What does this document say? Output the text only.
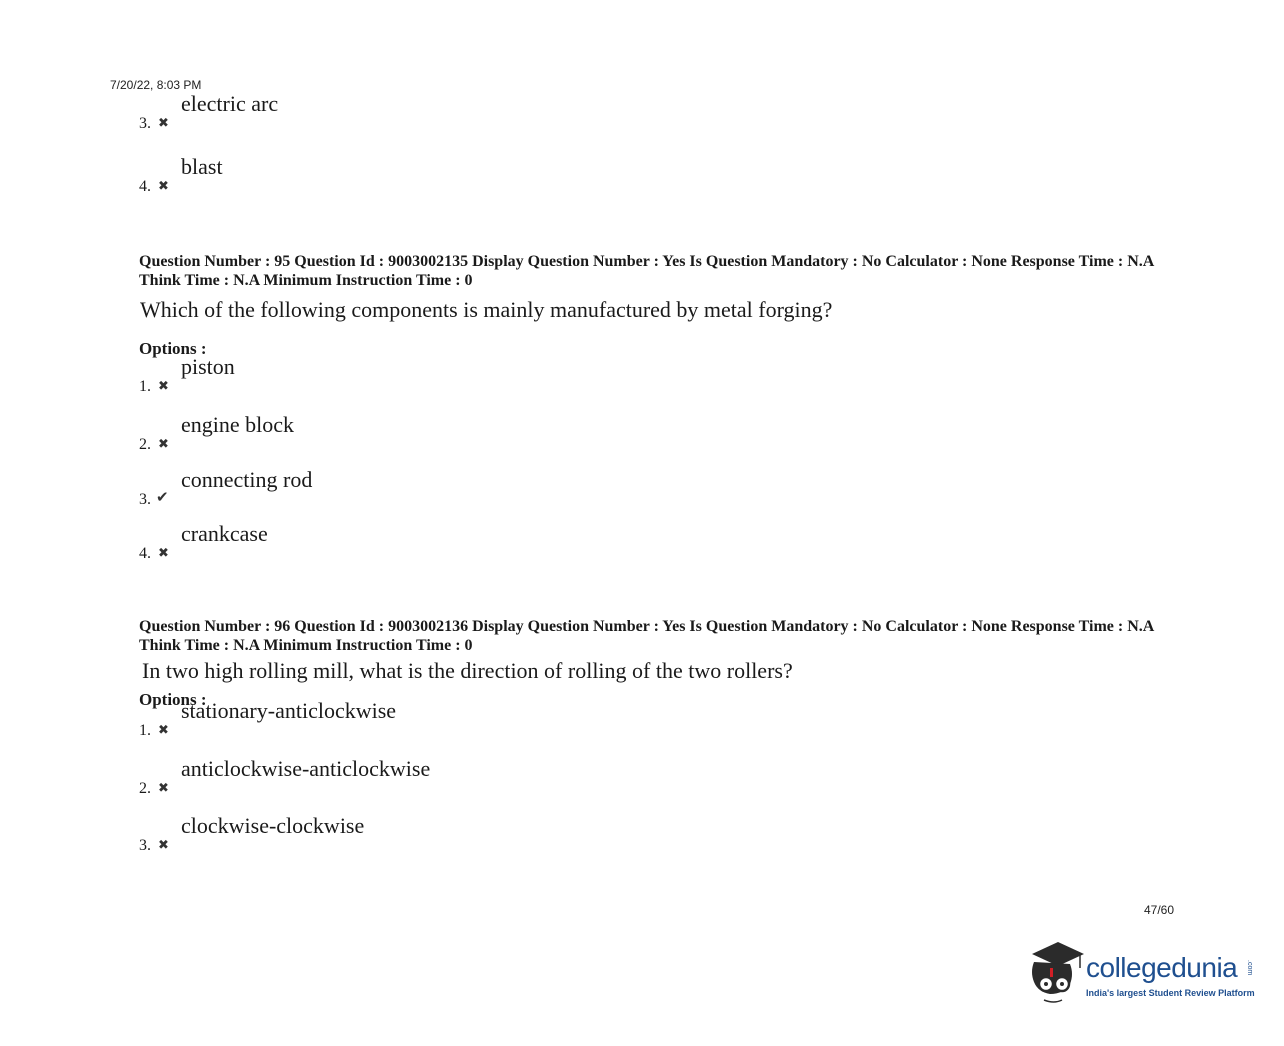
7/20/22, 8:03 PM
3. ✖
electric arc
4. ✖
blast
Question Number : 95 Question Id : 9003002135 Display Question Number : Yes Is Question Mandatory : No Calculator : None Response Time : N.A Think Time : N.A Minimum Instruction Time : 0
Which of the following components is mainly manufactured by metal forging?
Options :
1. ✖
piston
2. ✖
engine block
3. ✔
connecting rod
4. ✖
crankcase
Question Number : 96 Question Id : 9003002136 Display Question Number : Yes Is Question Mandatory : No Calculator : None Response Time : N.A Think Time : N.A Minimum Instruction Time : 0
In two high rolling mill, what is the direction of rolling of the two rollers?
Options :
1. ✖
stationary-anticlockwise
2. ✖
anticlockwise-anticlockwise
3. ✖
clockwise-clockwise
47/60
collegedunia .com
India's largest Student Review Platform
